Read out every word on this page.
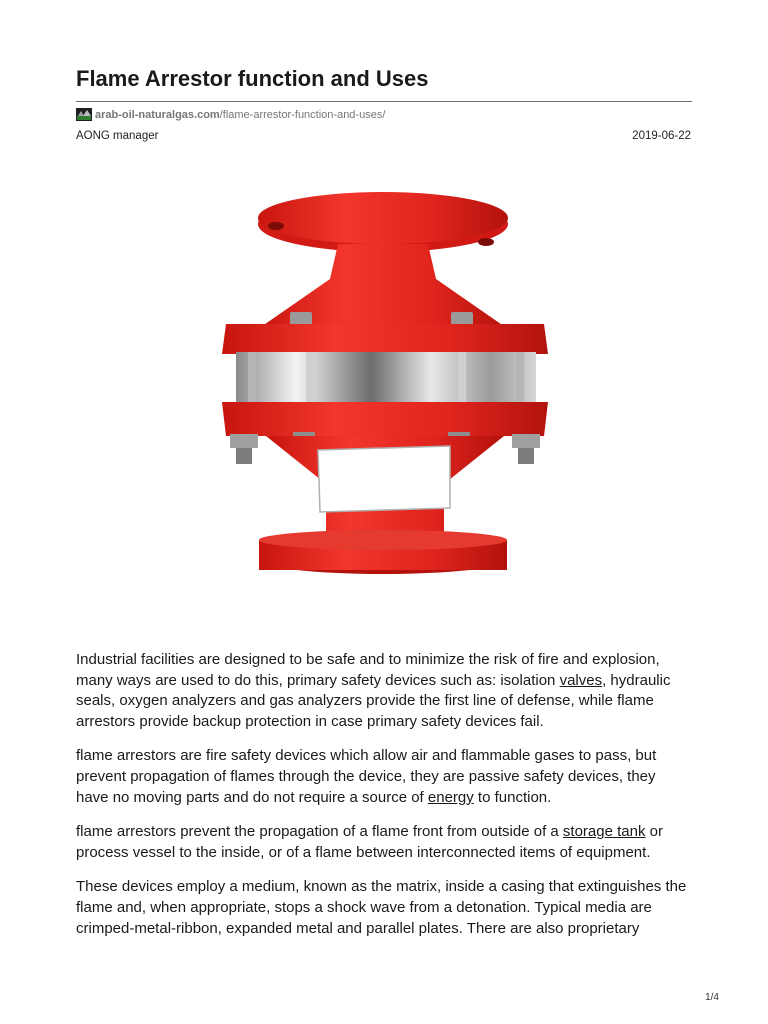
Flame Arrestor function and Uses
arab-oil-naturalgas.com /flame-arrestor-function-and-uses/
AONG manager	2019-06-22

Industrial facilities are designed to be safe and to minimize the risk of fire and explosion, many ways are used to do this, primary safety devices such as: isolation valves, hydraulic seals, oxygen analyzers and gas analyzers provide the first line of defense, while flame arrestors provide backup protection in case primary safety devices fail.

flame arrestors are fire safety devices which allow air and flammable gases to pass, but prevent propagation of flames through the device, they are passive safety devices, they have no moving parts and do not require a source of energy to function.

flame arrestors prevent the propagation of a flame front from outside of a storage tank or process vessel to the inside, or of a flame between interconnected items of equipment.

These devices employ a medium, known as the matrix, inside a casing that extinguishes the flame and, when appropriate, stops a shock wave from a detonation. Typical media are crimped-metal-ribbon, expanded metal and parallel plates. There are also proprietary

1/4
